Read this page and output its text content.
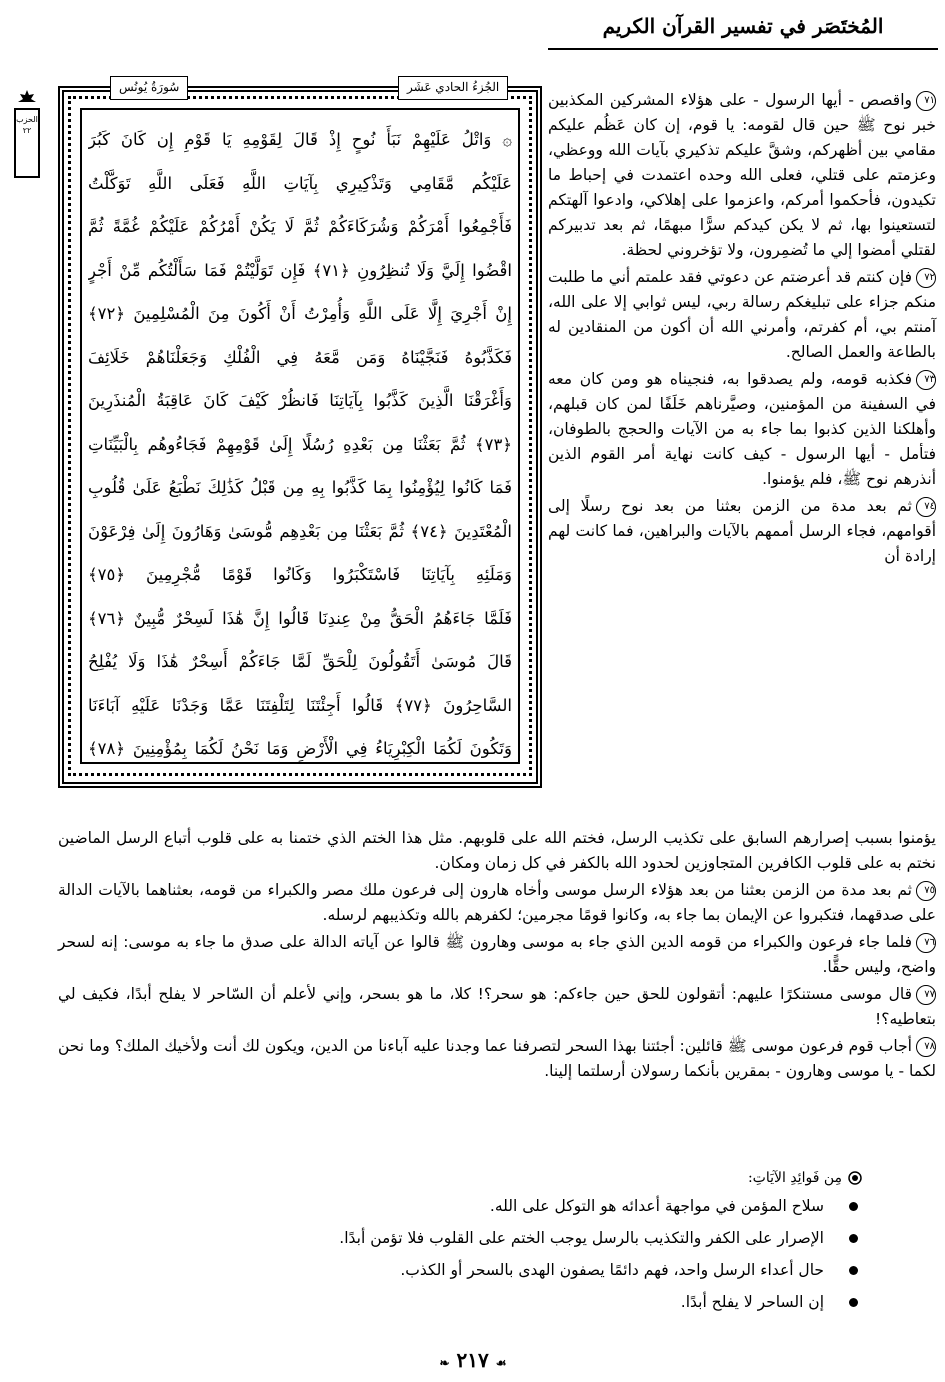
المُختَصَر في تفسير القرآن الكريم
الحزب ٢٢
الجُزءُ الحادي عَشَر
سُورَةُ يُونُس
۞ وَاتْلُ عَلَيْهِمْ نَبَأَ نُوحٍ إِذْ قَالَ لِقَوْمِهِ يَا قَوْمِ إِن كَانَ كَبُرَ
عَلَيْكُم مَّقَامِي وَتَذْكِيرِي بِآيَاتِ اللَّهِ فَعَلَى اللَّهِ تَوَكَّلْتُ
فَأَجْمِعُوا أَمْرَكُمْ وَشُرَكَاءَكُمْ ثُمَّ لَا يَكُنْ أَمْرُكُمْ عَلَيْكُمْ غُمَّةً ثُمَّ
اقْضُوا إِلَيَّ وَلَا تُنظِرُونِ ﴿٧١﴾ فَإِن تَوَلَّيْتُمْ فَمَا سَأَلْتُكُم مِّنْ أَجْرٍ
إِنْ أَجْرِيَ إِلَّا عَلَى اللَّهِ وَأُمِرْتُ أَنْ أَكُونَ مِنَ الْمُسْلِمِينَ ﴿٧٢﴾
فَكَذَّبُوهُ فَنَجَّيْنَاهُ وَمَن مَّعَهُ فِي الْفُلْكِ وَجَعَلْنَاهُمْ خَلَائِفَ
وَأَغْرَقْنَا الَّذِينَ كَذَّبُوا بِآيَاتِنَا فَانظُرْ كَيْفَ كَانَ عَاقِبَةُ الْمُنذَرِينَ
﴿٧٣﴾ ثُمَّ بَعَثْنَا مِن بَعْدِهِ رُسُلًا إِلَىٰ قَوْمِهِمْ فَجَاءُوهُم بِالْبَيِّنَاتِ
فَمَا كَانُوا لِيُؤْمِنُوا بِمَا كَذَّبُوا بِهِ مِن قَبْلُ كَذَٰلِكَ نَطْبَعُ عَلَىٰ قُلُوبِ
الْمُعْتَدِينَ ﴿٧٤﴾ ثُمَّ بَعَثْنَا مِن بَعْدِهِم مُّوسَىٰ وَهَارُونَ إِلَىٰ فِرْعَوْنَ
وَمَلَئِهِ بِآيَاتِنَا فَاسْتَكْبَرُوا وَكَانُوا قَوْمًا مُّجْرِمِينَ ﴿٧٥﴾
فَلَمَّا جَاءَهُمُ الْحَقُّ مِنْ عِندِنَا قَالُوا إِنَّ هَٰذَا لَسِحْرٌ مُّبِينٌ ﴿٧٦﴾
قَالَ مُوسَىٰ أَتَقُولُونَ لِلْحَقِّ لَمَّا جَاءَكُمْ أَسِحْرٌ هَٰذَا وَلَا يُفْلِحُ
السَّاحِرُونَ ﴿٧٧﴾ قَالُوا أَجِئْتَنَا لِتَلْفِتَنَا عَمَّا وَجَدْنَا عَلَيْهِ آبَاءَنَا
وَتَكُونَ لَكُمَا الْكِبْرِيَاءُ فِي الْأَرْضِ وَمَا نَحْنُ لَكُمَا بِمُؤْمِنِينَ ﴿٧٨﴾

٧١واقصص - أيها الرسول - على هؤلاء المشركين المكذبين خبر نوح ﷺ حين قال لقومه: يا قوم، إن كان عَظُم عليكم مقامي بين أظهركم، وشقَّ عليكم تذكيري بآيات الله ووعظي، وعزمتم على قتلي، فعلى الله وحده اعتمدت في إحباط ما تكيدون، فأحكموا أمركم، واعزموا على إهلاكي، وادعوا آلهتكم لتستعينوا بها، ثم لا يكن كيدكم سرًّا مبهمًا، ثم بعد تدبيركم لقتلي أمضوا إلي ما تُضمِرون، ولا تؤخروني لحظة.

٧٢فإن كنتم قد أعرضتم عن دعوتي فقد علمتم أني ما طلبت منكم جزاء على تبليغكم رسالة ربي، ليس ثوابي إلا على الله، آمنتم بي، أم كفرتم، وأمرني الله أن أكون من المنقادين له بالطاعة والعمل الصالح.

٧٣فكذبه قومه، ولم يصدقوا به، فنجيناه هو ومن كان معه في السفينة من المؤمنين، وصيَّرناهم خَلَفًا لمن كان قبلهم، وأهلكنا الذين كذبوا بما جاء به من الآيات والحجج بالطوفان، فتأمل - أيها الرسول - كيف كانت نهاية أمر القوم الذين أنذرهم نوح ﷺ، فلم يؤمنوا.

٧٤ثم بعد مدة من الزمن بعثنا من بعد نوح رسلًا إلى أقوامهم، فجاء الرسل أممهم بالآيات والبراهين، فما كانت لهم إرادة أن

يؤمنوا بسبب إصرارهم السابق على تكذيب الرسل، فختم الله على قلوبهم. مثل هذا الختم الذي ختمنا به على قلوب أتباع الرسل الماضين نختم به على قلوب الكافرين المتجاوزين لحدود الله بالكفر في كل زمان ومكان.

٧٥ثم بعد مدة من الزمن بعثنا من بعد هؤلاء الرسل موسى وأخاه هارون إلى فرعون ملك مصر والكبراء من قومه، بعثناهما بالآيات الدالة على صدقهما، فتكبروا عن الإيمان بما جاء به، وكانوا قومًا مجرمين؛ لكفرهم بالله وتكذيبهم لرسله.

٧٦فلما جاء فرعون والكبراء من قومه الدين الذي جاء به موسى وهارون ﷺ قالوا عن آياته الدالة على صدق ما جاء به موسى: إنه لسحر واضح، وليس حقًّا.

٧٧قال موسى مستنكرًا عليهم: أتقولون للحق حين جاءكم: هو سحر؟! كلا، ما هو بسحر، وإني لأعلم أن السّاحر لا يفلح أبدًا، فكيف لي بتعاطيه؟!

٧٨أجاب قوم فرعون موسى ﷺ قائلين: أجئتنا بهذا السحر لتصرفنا عما وجدنا عليه آباءنا من الدين، ويكون لك أنت ولأخيك الملك؟ وما نحن لكما - يا موسى وهارون - بمقرين بأنكما رسولان أرسلتما إلينا.

مِن فَوائِدِ الآيَاتِ:
سلاح المؤمن في مواجهة أعدائه هو التوكل على الله.
الإصرار على الكفر والتكذيب بالرسل يوجب الختم على القلوب فلا تؤمن أبدًا.
حال أعداء الرسل واحد، فهم دائمًا يصفون الهدى بالسحر أو الكذب.
إن الساحر لا يفلح أبدًا.
❧ ٢١٧ ☙
